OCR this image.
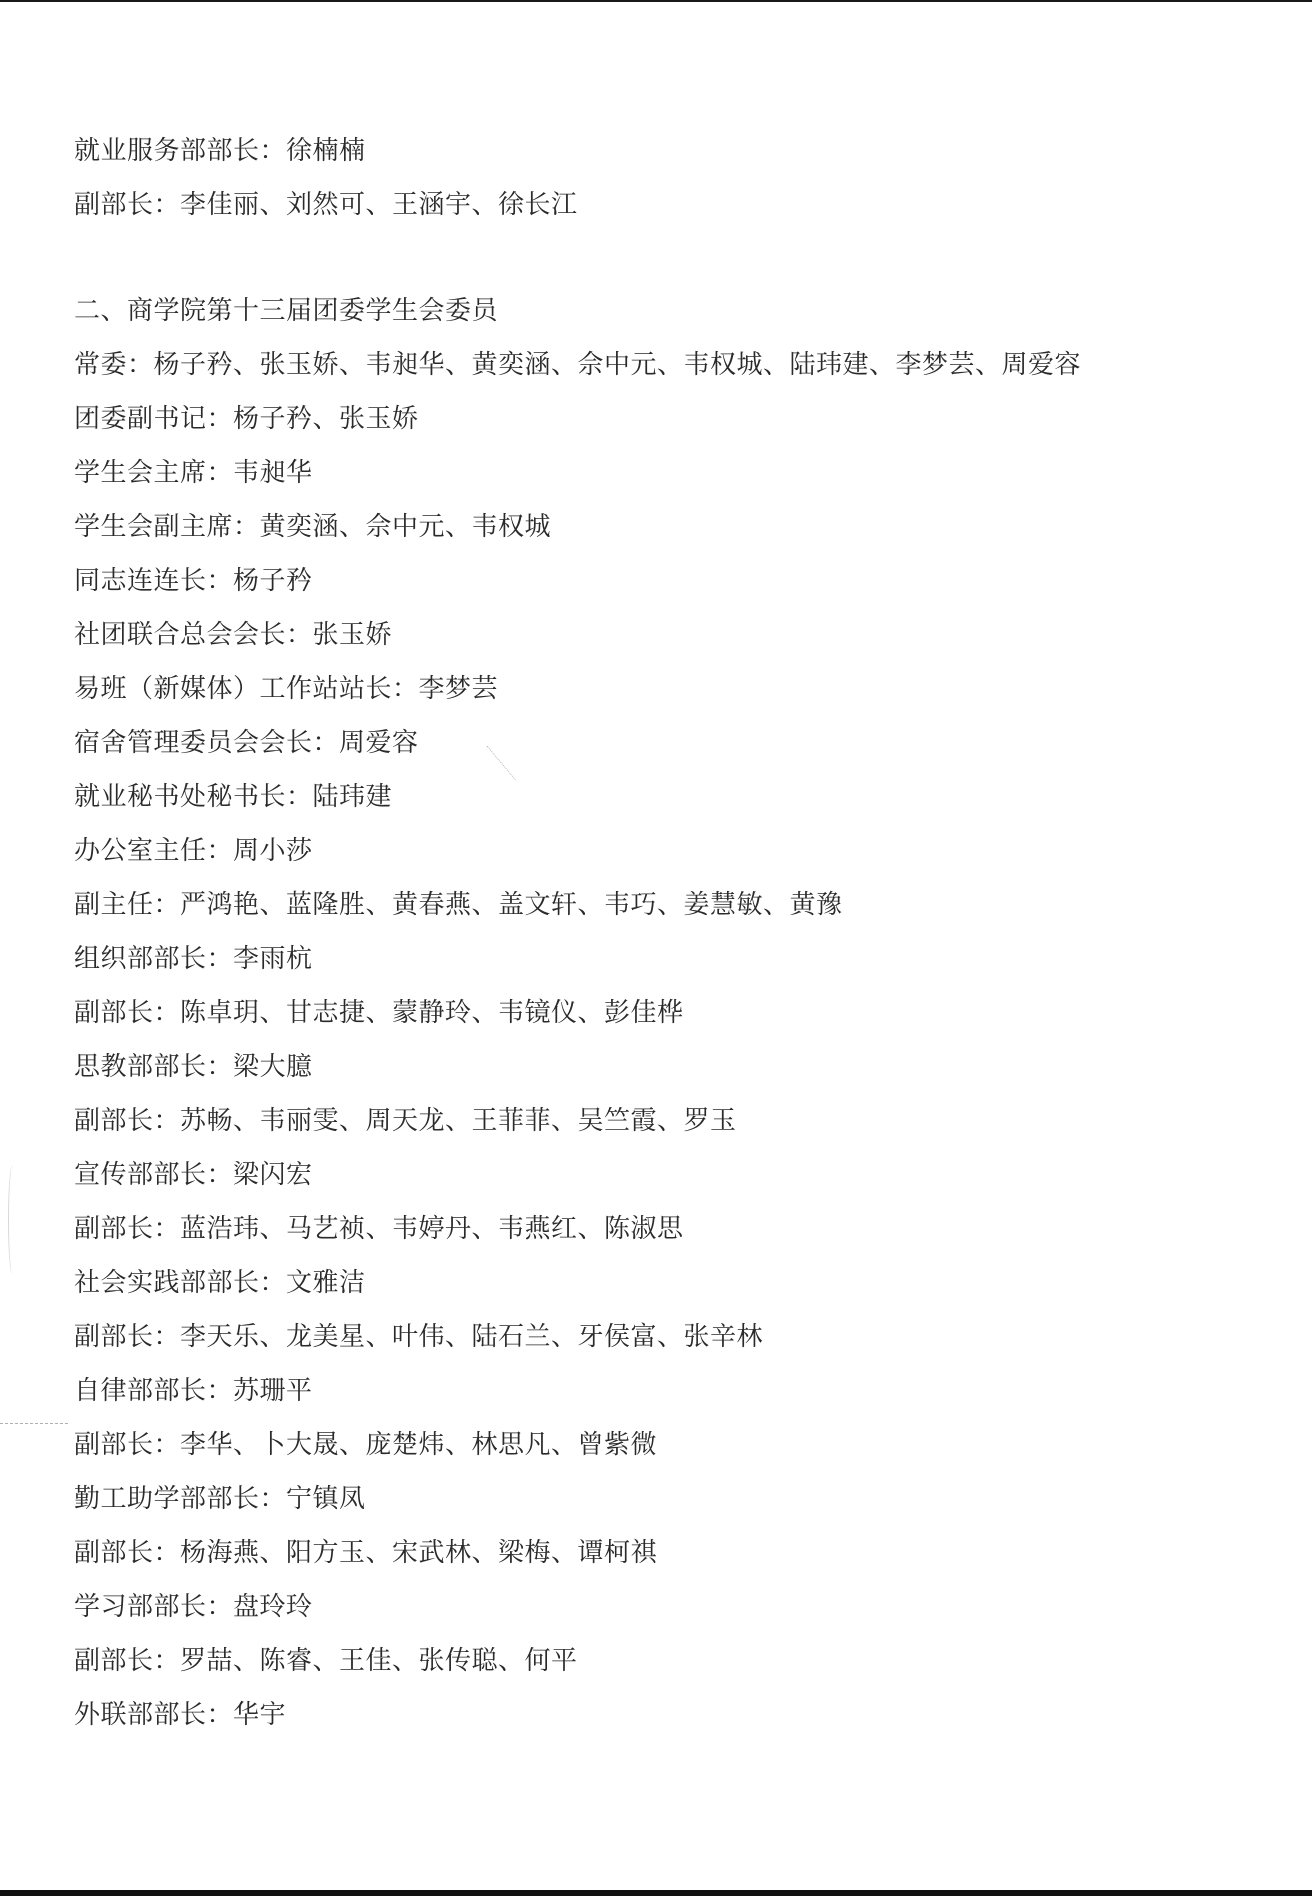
就业服务部部长：徐楠楠
副部长：李佳丽、刘然可、王涵宇、徐长江
二、商学院第十三届团委学生会委员
常委：杨子矜、张玉娇、韦昶华、黄奕涵、佘中元、韦权城、陆玮建、李梦芸、周爱容
团委副书记：杨子矜、张玉娇
学生会主席：韦昶华
学生会副主席：黄奕涵、佘中元、韦权城
同志连连长：杨子矜
社团联合总会会长：张玉娇
易班（新媒体）工作站站长：李梦芸
宿舍管理委员会会长：周爱容
就业秘书处秘书长：陆玮建
办公室主任：周小莎
副主任：严鸿艳、蓝隆胜、黄春燕、盖文轩、韦巧、姜慧敏、黄豫
组织部部长：李雨杭
副部长：陈卓玥、甘志捷、蒙静玲、韦镜仪、彭佳桦
思教部部长：梁大臆
副部长：苏畅、韦丽雯、周天龙、王菲菲、吴竺霞、罗玉
宣传部部长：梁闪宏
副部长：蓝浩玮、马艺祯、韦婷丹、韦燕红、陈淑思
社会实践部部长：文雅洁
副部长：李天乐、龙美星、叶伟、陆石兰、牙侯富、张辛林
自律部部长：苏珊平
副部长：李华、卜大晟、庞楚炜、林思凡、曾紫微
勤工助学部部长：宁镇凤
副部长：杨海燕、阳方玉、宋武林、梁梅、谭柯祺
学习部部长：盘玲玲
副部长：罗喆、陈睿、王佳、张传聪、何平
外联部部长：华宇
